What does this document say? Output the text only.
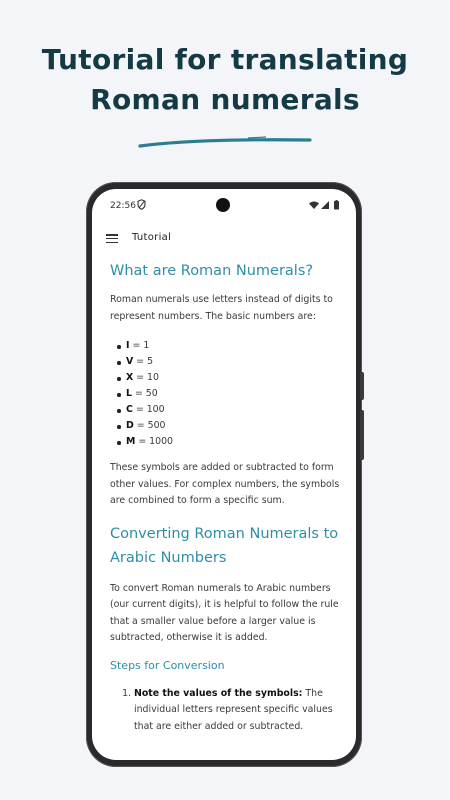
Tutorial for translating
Roman numerals
22:56
Tutorial
What are Roman Numerals?

Roman numerals use letters instead of digits to represent numbers. The basic numbers are:

I = 1
V = 5
X = 10
L = 50
C = 100
D = 500
M = 1000

These symbols are added or subtracted to form other values. For complex numbers, the symbols are combined to form a specific sum.

Converting Roman Numerals to Arabic Numbers

To convert Roman numerals to Arabic numbers (our current digits), it is helpful to follow the rule that a smaller value before a larger value is subtracted, otherwise it is added.

Steps for Conversion
1. Note the values of the symbols: The individual letters represent specific values that are either added or subtracted.
